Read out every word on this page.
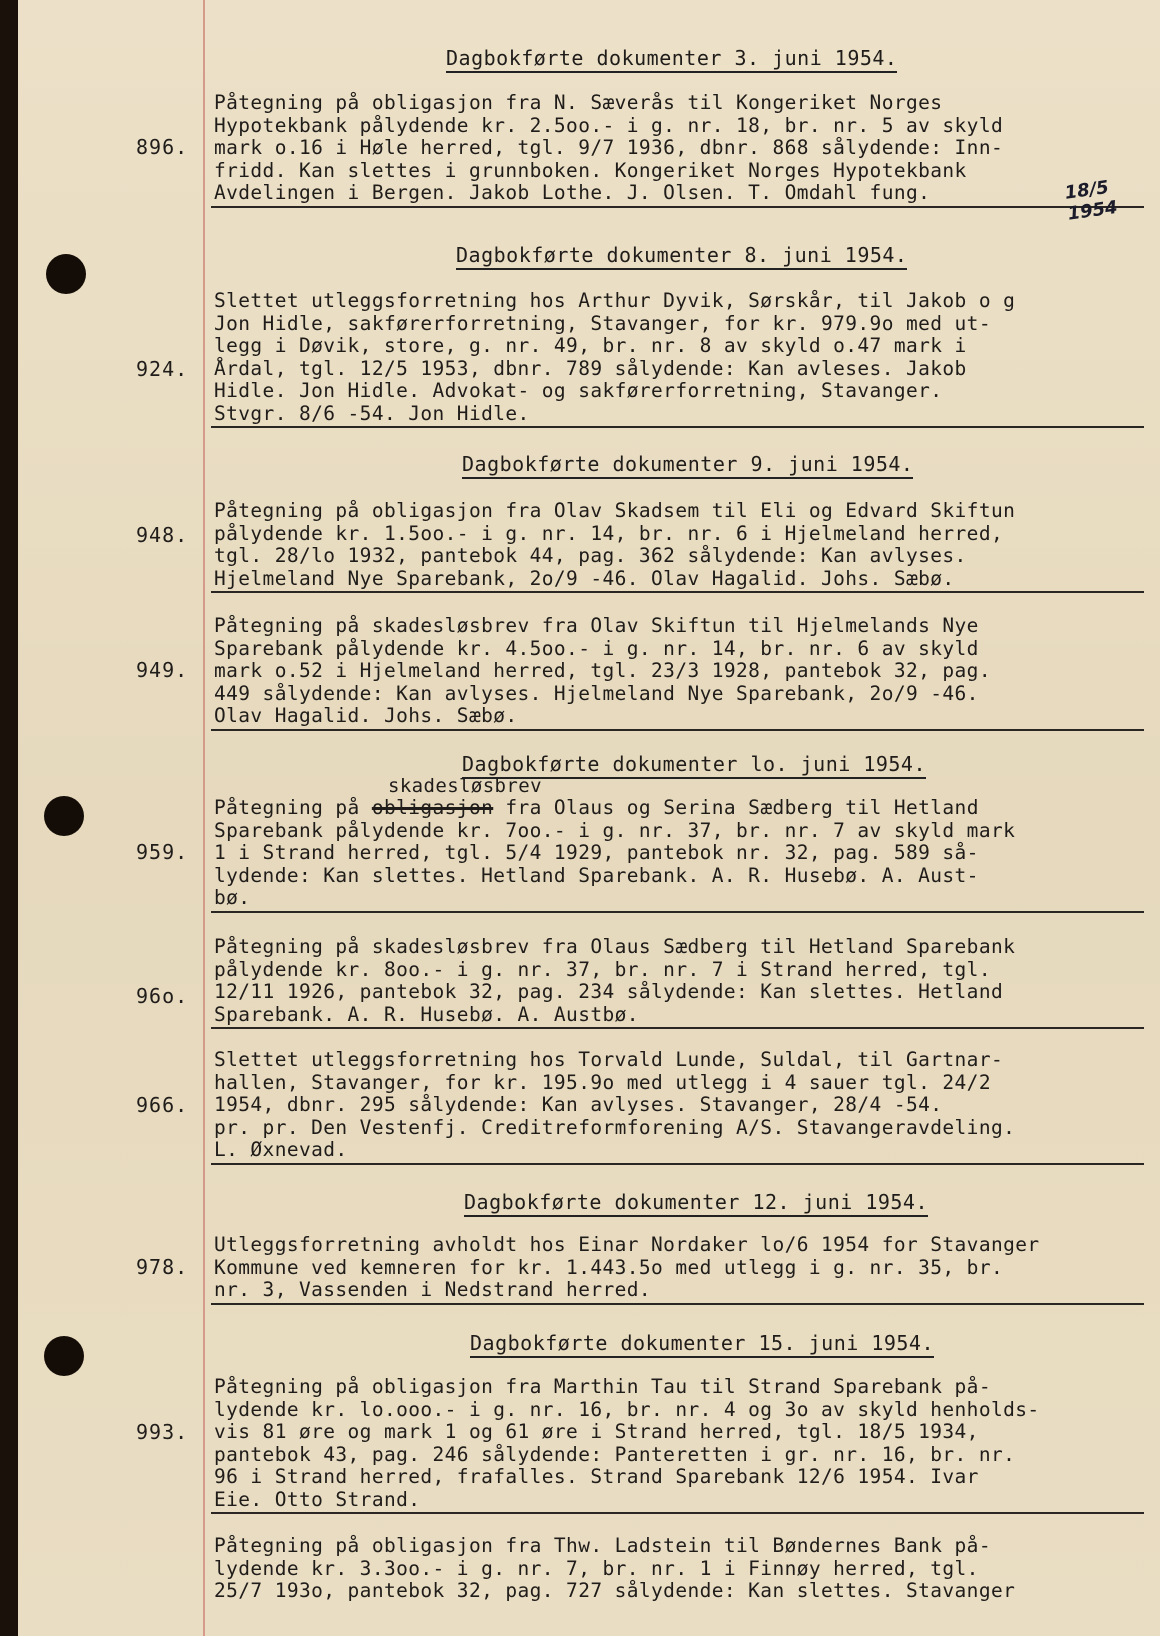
Dagbokførte dokumenter 3. juni 1954.
Dagbokførte dokumenter 8. juni 1954.
Dagbokførte dokumenter 9. juni 1954.
Dagbokførte dokumenter lo. juni 1954.
Dagbokførte dokumenter 12. juni 1954.
Dagbokførte dokumenter 15. juni 1954.
896.
924.
948.
949.
959.
96o.
966.
978.
993.
Påtegning på obligasjon fra N. Sæverås til Kongeriket Norges
Hypotekbank pålydende kr. 2.5oo.- i g. nr. 18, br. nr. 5 av skyld
mark o.16 i Høle herred, tgl. 9/7 1936, dbnr. 868 sålydende: Inn-
fridd. Kan slettes i grunnboken. Kongeriket Norges Hypotekbank
Avdelingen i Bergen. Jakob Lothe. J. Olsen. T. Omdahl fung.	18/5 1954
Slettet utleggsforretning hos Arthur Dyvik, Sørskår, til Jakob o g
Jon Hidle, sakførerforretning, Stavanger, for kr. 979.9o med ut-
legg i Døvik, store, g. nr. 49, br. nr. 8 av skyld o.47 mark i
Årdal, tgl. 12/5 1953, dbnr. 789 sålydende: Kan avleses. Jakob
Hidle. Jon Hidle. Advokat- og sakførerforretning, Stavanger.
Stvgr. 8/6 -54. Jon Hidle.
Påtegning på obligasjon fra Olav Skadsem til Eli og Edvard Skiftun
pålydende kr. 1.5oo.- i g. nr. 14, br. nr. 6 i Hjelmeland herred,
tgl. 28/lo 1932, pantebok 44, pag. 362 sålydende: Kan avlyses.
Hjelmeland Nye Sparebank, 2o/9 -46. Olav Hagalid. Johs. Sæbø.
Påtegning på skadesløsbrev fra Olav Skiftun til Hjelmelands Nye
Sparebank pålydende kr. 4.5oo.- i g. nr. 14, br. nr. 6 av skyld
mark o.52 i Hjelmeland herred, tgl. 23/3 1928, pantebok 32, pag.
449 sålydende: Kan avlyses. Hjelmeland Nye Sparebank, 2o/9 -46.
Olav Hagalid. Johs. Sæbø.
skadesløsbrev
Påtegning på obligasjon fra Olaus og Serina Sædberg til Hetland
Sparebank pålydende kr. 7oo.- i g. nr. 37, br. nr. 7 av skyld mark
1 i Strand herred, tgl. 5/4 1929, pantebok nr. 32, pag. 589 så-
lydende: Kan slettes. Hetland Sparebank. A. R. Husebø. A. Aust-
bø.
Påtegning på skadesløsbrev fra Olaus Sædberg til Hetland Sparebank
pålydende kr. 8oo.- i g. nr. 37, br. nr. 7 i Strand herred, tgl.
12/11 1926, pantebok 32, pag. 234 sålydende: Kan slettes. Hetland
Sparebank. A. R. Husebø. A. Austbø.
Slettet utleggsforretning hos Torvald Lunde, Suldal, til Gartnar-
hallen, Stavanger, for kr. 195.9o med utlegg i 4 sauer tgl. 24/2
1954, dbnr. 295 sålydende: Kan avlyses. Stavanger, 28/4 -54.
pr. pr. Den Vestenfj. Creditreformforening A/S. Stavangeravdeling.
L. Øxnevad.
Utleggsforretning avholdt hos Einar Nordaker lo/6 1954 for Stavanger
Kommune ved kemneren for kr. 1.443.5o med utlegg i g. nr. 35, br.
nr. 3, Vassenden i Nedstrand herred.
Påtegning på obligasjon fra Marthin Tau til Strand Sparebank på-
lydende kr. lo.ooo.- i g. nr. 16, br. nr. 4 og 3o av skyld henholds-
vis 81 øre og mark 1 og 61 øre i Strand herred, tgl. 18/5 1934,
pantebok 43, pag. 246 sålydende: Panteretten i gr. nr. 16, br. nr.
96 i Strand herred, frafalles. Strand Sparebank 12/6 1954. Ivar
Eie. Otto Strand.
Påtegning på obligasjon fra Thw. Ladstein til Bøndernes Bank på-
lydende kr. 3.3oo.- i g. nr. 7, br. nr. 1 i Finnøy herred, tgl.
25/7 193o, pantebok 32, pag. 727 sålydende: Kan slettes. Stavanger
